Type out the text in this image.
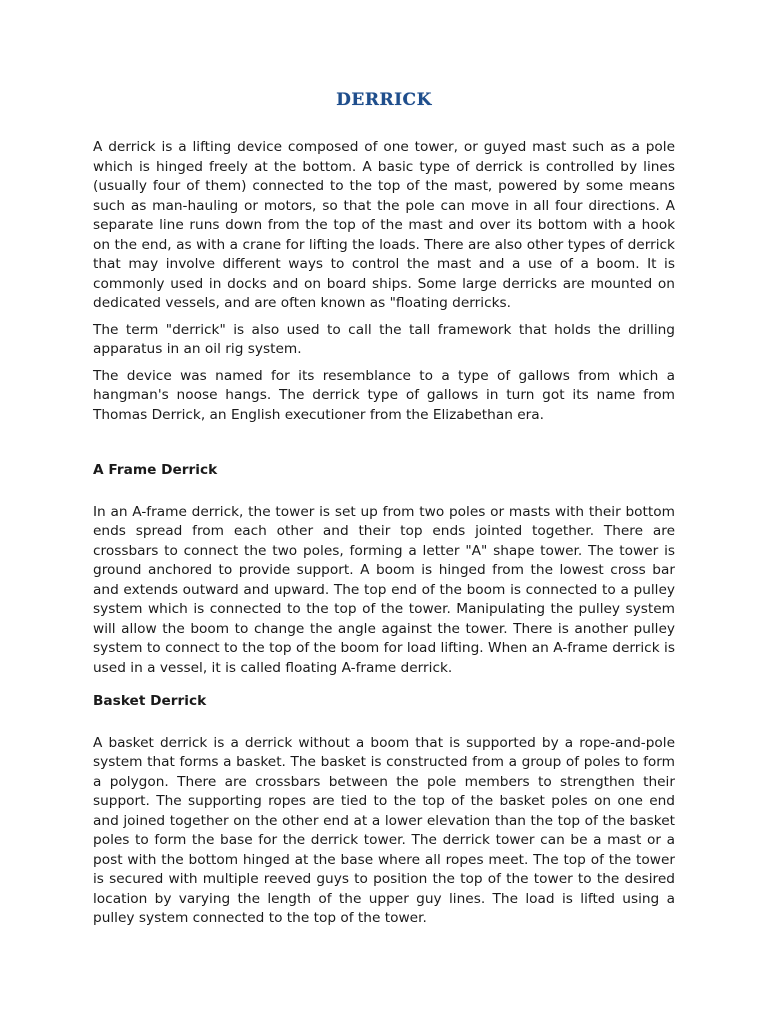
DERRICK

A derrick is a lifting device composed of one tower, or guyed mast such as a pole which is hinged freely at the bottom. A basic type of derrick is controlled by lines (usually four of them) connected to the top of the mast, powered by some means such as man-hauling or motors, so that the pole can move in all four directions. A separate line runs down from the top of the mast and over its bottom with a hook on the end, as with a crane for lifting the loads. There are also other types of derrick that may involve different ways to control the mast and a use of a boom. It is commonly used in docks and on board ships. Some large derricks are mounted on dedicated vessels, and are often known as "floating derricks.

The term "derrick" is also used to call the tall framework that holds the drilling apparatus in an oil rig system.

The device was named for its resemblance to a type of gallows from which a hangman's noose hangs. The derrick type of gallows in turn got its name from Thomas Derrick, an English executioner from the Elizabethan era.

A Frame Derrick

In an A-frame derrick, the tower is set up from two poles or masts with their bottom ends spread from each other and their top ends jointed together. There are crossbars to connect the two poles, forming a letter "A" shape tower. The tower is ground anchored to provide support. A boom is hinged from the lowest cross bar and extends outward and upward. The top end of the boom is connected to a pulley system which is connected to the top of the tower. Manipulating the pulley system will allow the boom to change the angle against the tower. There is another pulley system to connect to the top of the boom for load lifting. When an A-frame derrick is used in a vessel, it is called floating A-frame derrick.

Basket Derrick

A basket derrick is a derrick without a boom that is supported by a rope-and-pole system that forms a basket. The basket is constructed from a group of poles to form a polygon. There are crossbars between the pole members to strengthen their support. The supporting ropes are tied to the top of the basket poles on one end and joined together on the other end at a lower elevation than the top of the basket poles to form the base for the derrick tower. The derrick tower can be a mast or a post with the bottom hinged at the base where all ropes meet. The top of the tower is secured with multiple reeved guys to position the top of the tower to the desired location by varying the length of the upper guy lines. The load is lifted using a pulley system connected to the top of the tower.
